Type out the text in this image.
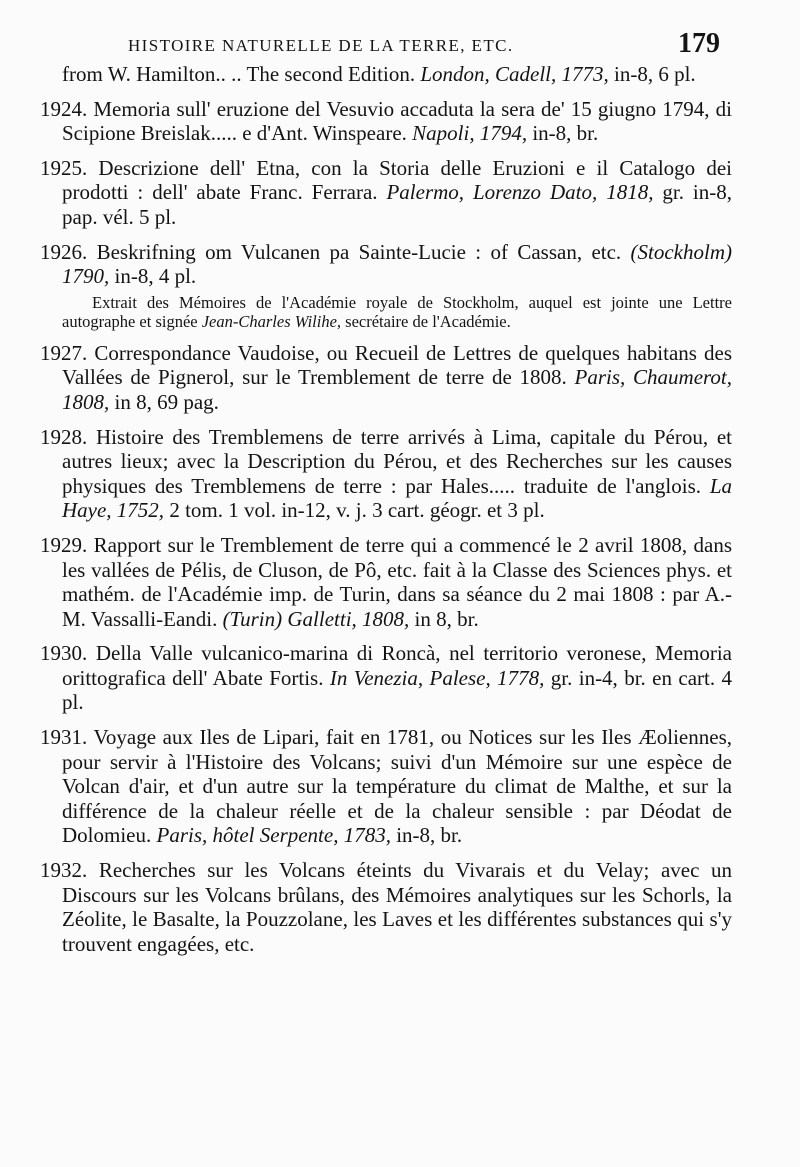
HISTOIRE NATURELLE DE LA TERRE, ETC.	179

from W. Hamilton.. .. The second Edition. London, Cadell, 1773, in-8, 6 pl.

1924. Memoria sull' eruzione del Vesuvio accaduta la sera de' 15 giugno 1794, di Scipione Breislak..... e d'Ant. Winspeare. Napoli, 1794, in-8, br.

1925. Descrizione dell' Etna, con la Storia delle Eruzioni e il Catalogo dei prodotti : dell' abate Franc. Ferrara. Palermo, Lorenzo Dato, 1818, gr. in-8, pap. vél. 5 pl.

1926. Beskrifning om Vulcanen pa Sainte-Lucie : of Cassan, etc. (Stockholm) 1790, in-8, 4 pl.

Extrait des Mémoires de l'Académie royale de Stockholm, auquel est jointe une Lettre autographe et signée Jean-Charles Wilihe, secrétaire de l'Académie.

1927. Correspondance Vaudoise, ou Recueil de Lettres de quelques habitans des Vallées de Pignerol, sur le Tremblement de terre de 1808. Paris, Chaumerot, 1808, in 8, 69 pag.

1928. Histoire des Tremblemens de terre arrivés à Lima, capitale du Pérou, et autres lieux; avec la Description du Pérou, et des Recherches sur les causes physiques des Tremblemens de terre : par Hales..... traduite de l'anglois. La Haye, 1752, 2 tom. 1 vol. in-12, v. j. 3 cart. géogr. et 3 pl.

1929. Rapport sur le Tremblement de terre qui a commencé le 2 avril 1808, dans les vallées de Pélis, de Cluson, de Pô, etc. fait à la Classe des Sciences phys. et mathém. de l'Académie imp. de Turin, dans sa séance du 2 mai 1808 : par A.-M. Vassalli-Eandi. (Turin) Galletti, 1808, in 8, br.

1930. Della Valle vulcanico-marina di Roncà, nel territorio veronese, Memoria orittografica dell' Abate Fortis. In Venezia, Palese, 1778, gr. in-4, br. en cart. 4 pl.

1931. Voyage aux Iles de Lipari, fait en 1781, ou Notices sur les Iles Æoliennes, pour servir à l'Histoire des Volcans; suivi d'un Mémoire sur une espèce de Volcan d'air, et d'un autre sur la température du climat de Malthe, et sur la différence de la chaleur réelle et de la chaleur sensible : par Déodat de Dolomieu. Paris, hôtel Serpente, 1783, in-8, br.

1932. Recherches sur les Volcans éteints du Vivarais et du Velay; avec un Discours sur les Volcans brûlans, des Mémoires analytiques sur les Schorls, la Zéolite, le Basalte, la Pouzzolane, les Laves et les différentes substances qui s'y trouvent engagées, etc.
